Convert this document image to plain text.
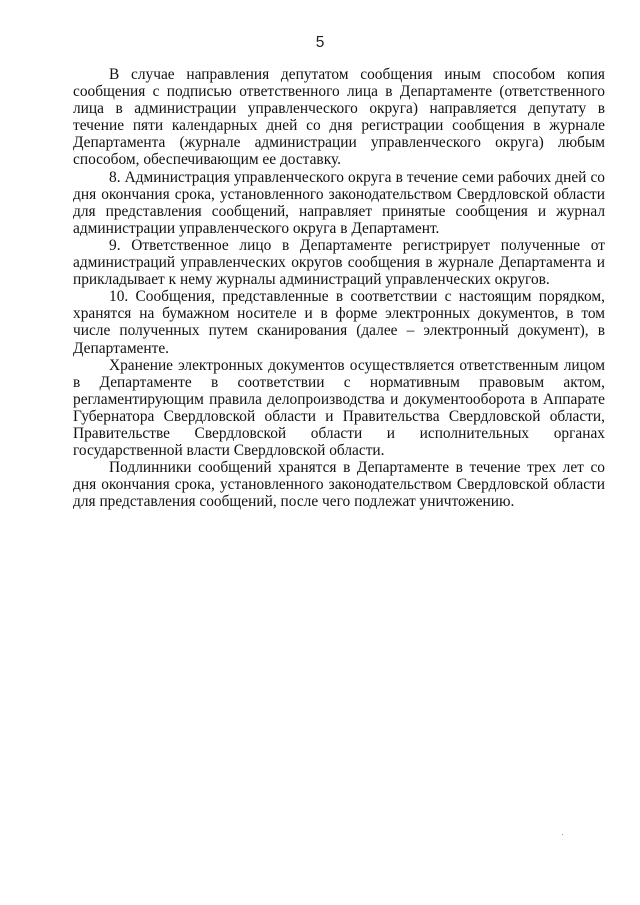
5

В случае направления депутатом сообщения иным способом копия сообщения с подписью ответственного лица в Департаменте (ответственного лица в администрации управленческого округа) направляется депутату в течение пяти календарных дней со дня регистрации сообщения в журнале Департамента (журнале администрации управленческого округа) любым способом, обеспечивающим ее доставку.

8. Администрация управленческого округа в течение семи рабочих дней со дня окончания срока, установленного законодательством Свердловской области для представления сообщений, направляет принятые сообщения и журнал администрации управленческого округа в Департамент.

9. Ответственное лицо в Департаменте регистрирует полученные от администраций управленческих округов сообщения в журнале Департамента и прикладывает к нему журналы администраций управленческих округов.

10. Сообщения, представленные в соответствии с настоящим порядком, хранятся на бумажном носителе и в форме электронных документов, в том числе полученных путем сканирования (далее – электронный документ), в Департаменте.

Хранение электронных документов осуществляется ответственным лицом в Департаменте в соответствии с нормативным правовым актом, регламентирующим правила делопроизводства и документооборота в Аппарате Губернатора Свердловской области и Правительства Свердловской области, Правительстве Свердловской области и исполнительных органах государственной власти Свердловской области.

Подлинники сообщений хранятся в Департаменте в течение трех лет со дня окончания срока, установленного законодательством Свердловской области для представления сообщений, после чего подлежат уничтожению.
